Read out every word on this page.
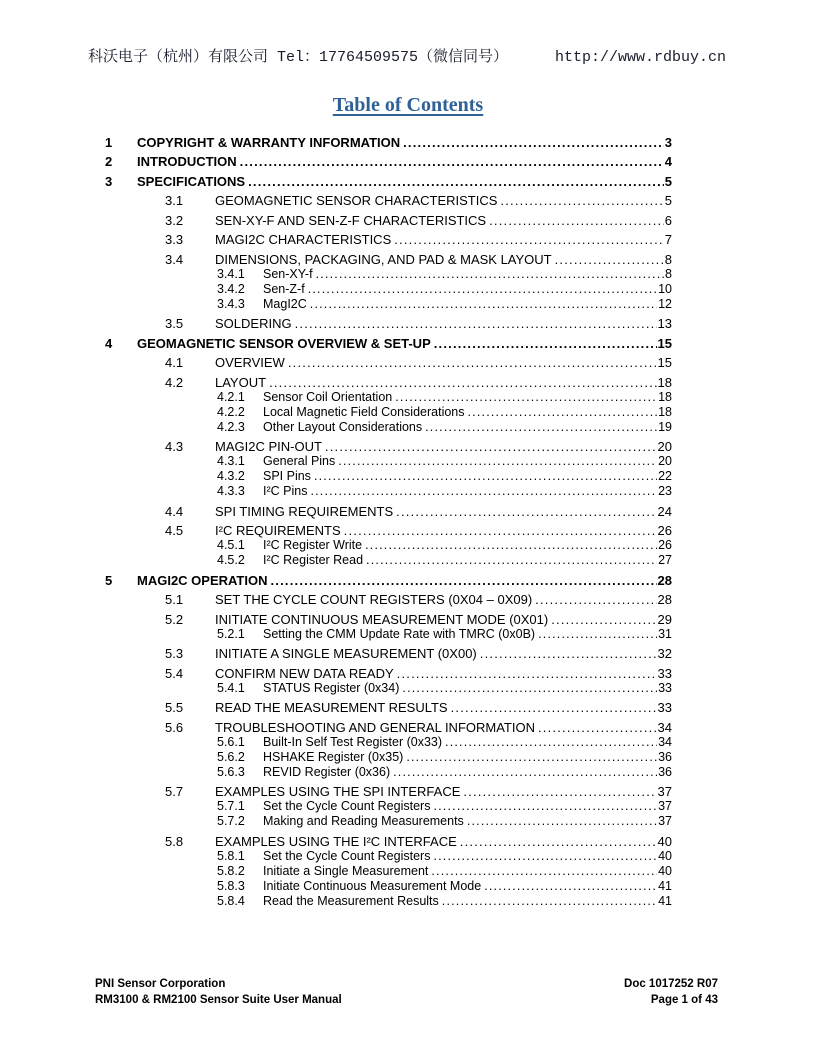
科沃电子（杭州）有限公司 Tel：17764509575（微信同号）	http://www.rdbuy.cn
Table of Contents
1	COPYRIGHT & WARRANTY INFORMATION .....	3
2	INTRODUCTION .....	4
3	SPECIFICATIONS .....	5
3.1	GEOMAGNETIC SENSOR CHARACTERISTICS .....	5
3.2	SEN-XY-F AND SEN-Z-F CHARACTERISTICS .....	6
3.3	MAGI2C CHARACTERISTICS .....	7
3.4	DIMENSIONS, PACKAGING, AND PAD & MASK LAYOUT .....	8
3.4.1	Sen-XY-f .....	8
3.4.2	Sen-Z-f .....	10
3.4.3	MagI2C .....	12
3.5	SOLDERING .....	13
4	GEOMAGNETIC SENSOR OVERVIEW & SET-UP .....	15
4.1	OVERVIEW .....	15
4.2	LAYOUT .....	18
4.2.1	Sensor Coil Orientation .....	18
4.2.2	Local Magnetic Field Considerations .....	18
4.2.3	Other Layout Considerations .....	19
4.3	MAGI2C PIN-OUT .....	20
4.3.1	General Pins .....	20
4.3.2	SPI Pins .....	22
4.3.3	I²C Pins .....	23
4.4	SPI TIMING REQUIREMENTS .....	24
4.5	I²C REQUIREMENTS .....	26
4.5.1	I²C Register Write .....	26
4.5.2	I²C Register Read .....	27
5	MAGI2C OPERATION .....	28
5.1	SET THE CYCLE COUNT REGISTERS (0X04 – 0X09) .....	28
5.2	INITIATE CONTINUOUS MEASUREMENT MODE (0X01) .....	29
5.2.1	Setting the CMM Update Rate with TMRC (0x0B) .....	31
5.3	INITIATE A SINGLE MEASUREMENT (0X00) .....	32
5.4	CONFIRM NEW DATA READY .....	33
5.4.1	STATUS Register (0x34) .....	33
5.5	READ THE MEASUREMENT RESULTS .....	33
5.6	TROUBLESHOOTING AND GENERAL INFORMATION .....	34
5.6.1	Built-In Self Test Register (0x33) .....	34
5.6.2	HSHAKE Register (0x35) .....	36
5.6.3	REVID Register (0x36) .....	36
5.7	EXAMPLES USING THE SPI INTERFACE .....	37
5.7.1	Set the Cycle Count Registers .....	37
5.7.2	Making and Reading Measurements .....	37
5.8	EXAMPLES USING THE I²C INTERFACE .....	40
5.8.1	Set the Cycle Count Registers .....	40
5.8.2	Initiate a Single Measurement .....	40
5.8.3	Initiate Continuous Measurement Mode .....	41
5.8.4	Read the Measurement Results .....	41
PNI Sensor Corporation
RM3100 & RM2100 Sensor Suite User Manual
Doc 1017252 R07
Page 1 of 43
